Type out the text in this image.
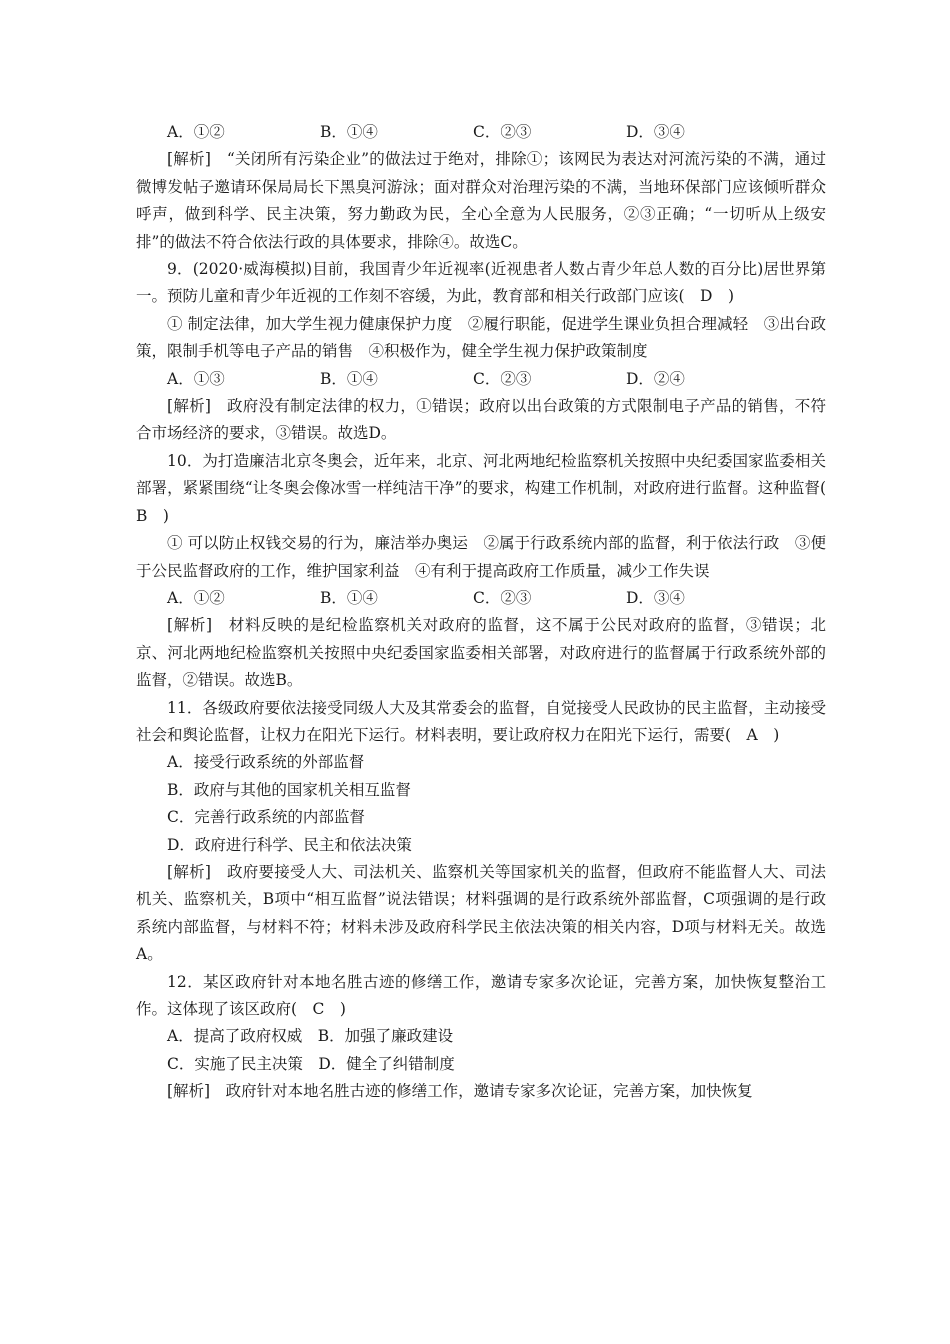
A．①②	B．①④	C．②③	D．③④

[解析]　“关闭所有污染企业”的做法过于绝对，排除①；该网民为表达对河流污染的不满，通过微博发帖子邀请环保局局长下黑臭河游泳；面对群众对治理污染的不满，当地环保部门应该倾听群众呼声，做到科学、民主决策，努力勤政为民，全心全意为人民服务，②③正确；“一切听从上级安排”的做法不符合依法行政的具体要求，排除④。故选C。

9．(2020·威海模拟)目前，我国青少年近视率(近视患者人数占青少年总人数的百分比)居世界第一。预防儿童和青少年近视的工作刻不容缓，为此，教育部和相关行政部门应该(　D　)

① 制定法律，加大学生视力健康保护力度　②履行职能，促进学生课业负担合理减轻　③出台政策，限制手机等电子产品的销售　④积极作为，健全学生视力保护政策制度

A．①③	B．①④	C．②③	D．②④

[解析]　政府没有制定法律的权力，①错误；政府以出台政策的方式限制电子产品的销售，不符合市场经济的要求，③错误。故选D。

10．为打造廉洁北京冬奥会，近年来，北京、河北两地纪检监察机关按照中央纪委国家监委相关部署，紧紧围绕“让冬奥会像冰雪一样纯洁干净”的要求，构建工作机制，对政府进行监督。这种监督(　B　)

① 可以防止权钱交易的行为，廉洁举办奥运　②属于行政系统内部的监督，利于依法行政　③便于公民监督政府的工作，维护国家利益　④有利于提高政府工作质量，减少工作失误

A．①②	B．①④	C．②③	D．③④

[解析]　材料反映的是纪检监察机关对政府的监督，这不属于公民对政府的监督，③错误；北京、河北两地纪检监察机关按照中央纪委国家监委相关部署，对政府进行的监督属于行政系统外部的监督，②错误。故选B。

11．各级政府要依法接受同级人大及其常委会的监督，自觉接受人民政协的民主监督，主动接受社会和舆论监督，让权力在阳光下运行。材料表明，要让政府权力在阳光下运行，需要(　A　)

A．接受行政系统的外部监督

B．政府与其他的国家机关相互监督

C．完善行政系统的内部监督

D．政府进行科学、民主和依法决策

[解析]　政府要接受人大、司法机关、监察机关等国家机关的监督，但政府不能监督人大、司法机关、监察机关，B项中“相互监督”说法错误；材料强调的是行政系统外部监督，C项强调的是行政系统内部监督，与材料不符；材料未涉及政府科学民主依法决策的相关内容，D项与材料无关。故选A。

12．某区政府针对本地名胜古迹的修缮工作，邀请专家多次论证，完善方案，加快恢复整治工作。这体现了该区政府(　C　)

A．提高了政府权威　B．加强了廉政建设

C．实施了民主决策　D．健全了纠错制度

[解析]　政府针对本地名胜古迹的修缮工作，邀请专家多次论证，完善方案，加快恢复
